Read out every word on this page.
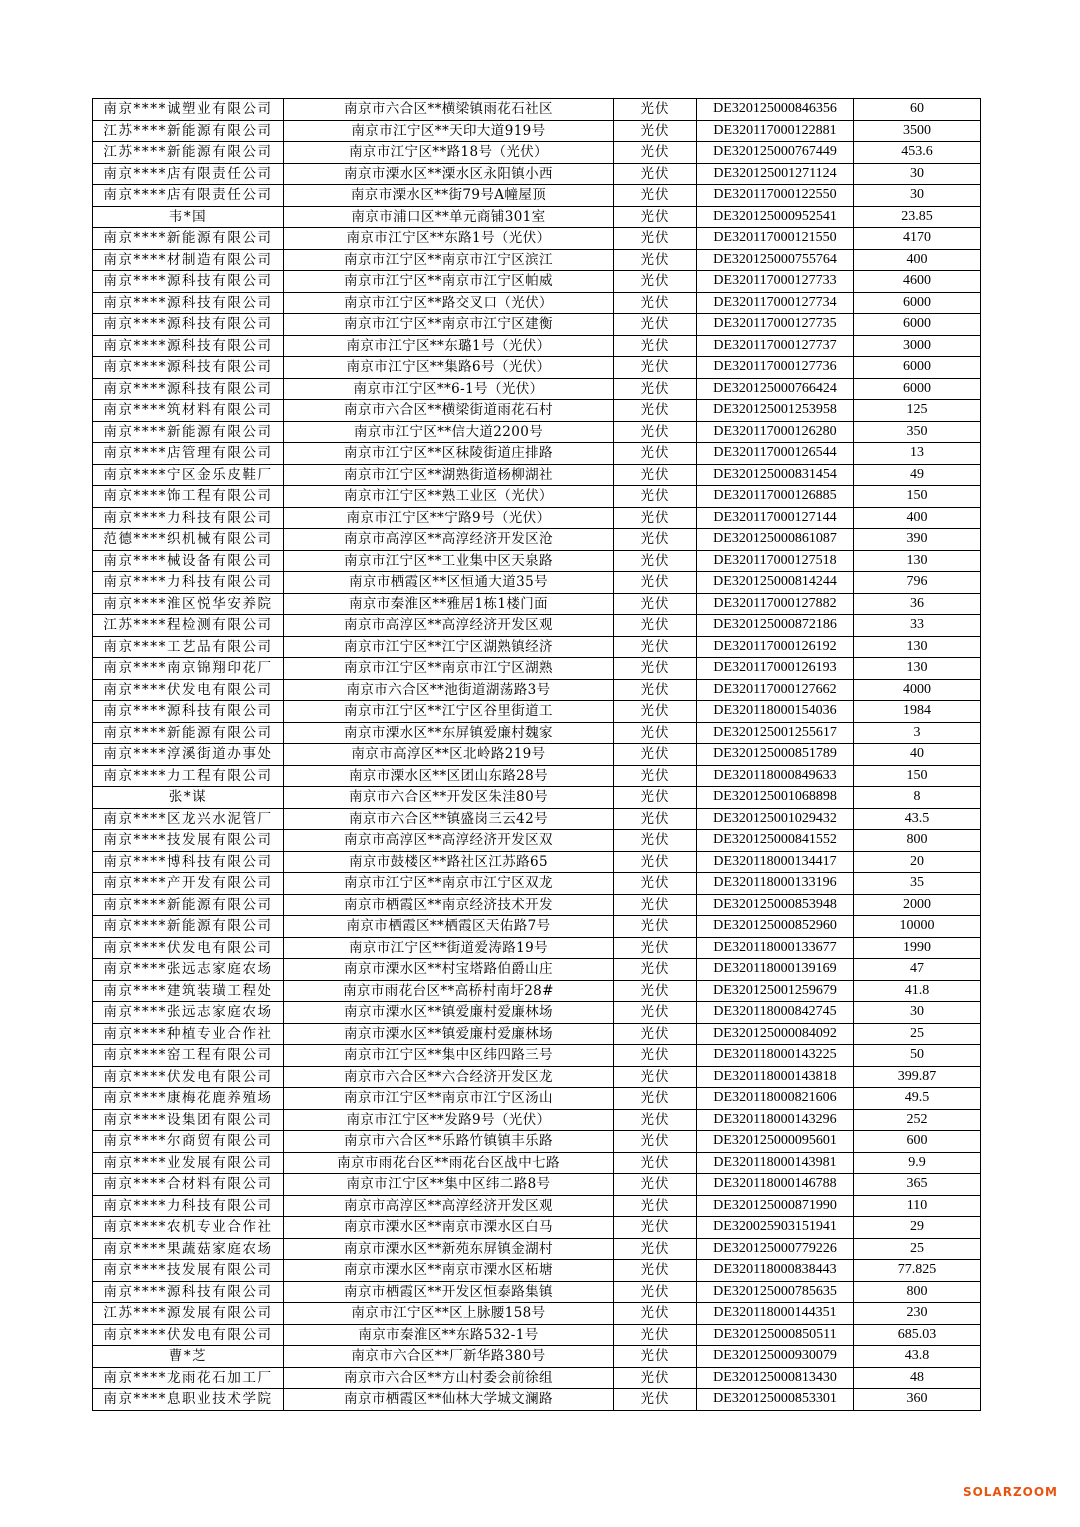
南京****诚塑业有限公司	南京市六合区**横梁镇雨花石社区	光伏	DE320125000846356	60
江苏****新能源有限公司	南京市江宁区**天印大道919号	光伏	DE320117000122881	3500
江苏****新能源有限公司	南京市江宁区**路18号（光伏）	光伏	DE320125000767449	453.6
南京****店有限责任公司	南京市溧水区**溧水区永阳镇小西	光伏	DE320125001271124	30
南京****店有限责任公司	南京市溧水区**街79号A幢屋顶	光伏	DE320117000122550	30
韦*国	南京市浦口区**单元商铺301室	光伏	DE320125000952541	23.85
南京****新能源有限公司	南京市江宁区**东路1号（光伏）	光伏	DE320117000121550	4170
南京****材制造有限公司	南京市江宁区**南京市江宁区滨江	光伏	DE320125000755764	400
南京****源科技有限公司	南京市江宁区**南京市江宁区帕威	光伏	DE320117000127733	4600
南京****源科技有限公司	南京市江宁区**路交叉口（光伏）	光伏	DE320117000127734	6000
南京****源科技有限公司	南京市江宁区**南京市江宁区建衡	光伏	DE320117000127735	6000
南京****源科技有限公司	南京市江宁区**东璐1号（光伏）	光伏	DE320117000127737	3000
南京****源科技有限公司	南京市江宁区**集路6号（光伏）	光伏	DE320117000127736	6000
南京****源科技有限公司	南京市江宁区**6-1号（光伏）	光伏	DE320125000766424	6000
南京****筑材料有限公司	南京市六合区**横梁街道雨花石村	光伏	DE320125001253958	125
南京****新能源有限公司	南京市江宁区**信大道2200号	光伏	DE320117000126280	350
南京****店管理有限公司	南京市江宁区**区秣陵街道庄排路	光伏	DE320117000126544	13
南京****宁区金乐皮鞋厂	南京市江宁区**湖熟街道杨柳湖社	光伏	DE320125000831454	49
南京****饰工程有限公司	南京市江宁区**熟工业区（光伏）	光伏	DE320117000126885	150
南京****力科技有限公司	南京市江宁区**宁路9号（光伏）	光伏	DE320117000127144	400
范德****织机械有限公司	南京市高淳区**高淳经济开发区沧	光伏	DE320125000861087	390
南京****械设备有限公司	南京市江宁区**工业集中区天泉路	光伏	DE320117000127518	130
南京****力科技有限公司	南京市栖霞区**区恒通大道35号	光伏	DE320125000814244	796
南京****淮区悦华安养院	南京市秦淮区**雅居1栋1楼门面	光伏	DE320117000127882	36
江苏****程检测有限公司	南京市高淳区**高淳经济开发区观	光伏	DE320125000872186	33
南京****工艺品有限公司	南京市江宁区**江宁区湖熟镇经济	光伏	DE320117000126192	130
南京****南京锦翔印花厂	南京市江宁区**南京市江宁区湖熟	光伏	DE320117000126193	130
南京****伏发电有限公司	南京市六合区**池街道湖荡路3号	光伏	DE320117000127662	4000
南京****源科技有限公司	南京市江宁区**江宁区谷里街道工	光伏	DE320118000154036	1984
南京****新能源有限公司	南京市溧水区**东屏镇爱廉村魏家	光伏	DE320125001255617	3
南京****淳溪街道办事处	南京市高淳区**区北岭路219号	光伏	DE320125000851789	40
南京****力工程有限公司	南京市溧水区**区团山东路28号	光伏	DE320118000849633	150
张*谋	南京市六合区**开发区朱洼80号	光伏	DE320125001068898	8
南京****区龙兴水泥管厂	南京市六合区**镇盛岗三云42号	光伏	DE320125001029432	43.5
南京****技发展有限公司	南京市高淳区**高淳经济开发区双	光伏	DE320125000841552	800
南京****博科技有限公司	南京市鼓楼区**路社区江苏路65	光伏	DE320118000134417	20
南京****产开发有限公司	南京市江宁区**南京市江宁区双龙	光伏	DE320118000133196	35
南京****新能源有限公司	南京市栖霞区**南京经济技术开发	光伏	DE320125000853948	2000
南京****新能源有限公司	南京市栖霞区**栖霞区天佑路7号	光伏	DE320125000852960	10000
南京****伏发电有限公司	南京市江宁区**街道爱涛路19号	光伏	DE320118000133677	1990
南京****张远志家庭农场	南京市溧水区**村宝塔路伯爵山庄	光伏	DE320118000139169	47
南京****建筑装璜工程处	南京市雨花台区**高桥村南圩28#	光伏	DE320125001259679	41.8
南京****张远志家庭农场	南京市溧水区**镇爱廉村爱廉林场	光伏	DE320118000842745	30
南京****种植专业合作社	南京市溧水区**镇爱廉村爱廉林场	光伏	DE320125000084092	25
南京****窑工程有限公司	南京市江宁区**集中区纬四路三号	光伏	DE320118000143225	50
南京****伏发电有限公司	南京市六合区**六合经济开发区龙	光伏	DE320118000143818	399.87
南京****康梅花鹿养殖场	南京市江宁区**南京市江宁区汤山	光伏	DE320118000821606	49.5
南京****设集团有限公司	南京市江宁区**发路9号（光伏）	光伏	DE320118000143296	252
南京****尔商贸有限公司	南京市六合区**乐路竹镇镇丰乐路	光伏	DE320125000095601	600
南京****业发展有限公司	南京市雨花台区**雨花台区战中七路	光伏	DE320118000143981	9.9
南京****合材料有限公司	南京市江宁区**集中区纬二路8号	光伏	DE320118000146788	365
南京****力科技有限公司	南京市高淳区**高淳经济开发区观	光伏	DE320125000871990	110
南京****农机专业合作社	南京市溧水区**南京市溧水区白马	光伏	DE320025903151941	29
南京****果蔬菇家庭农场	南京市溧水区**新苑东屏镇金湖村	光伏	DE320125000779226	25
南京****技发展有限公司	南京市溧水区**南京市溧水区柘塘	光伏	DE320118000838443	77.825
南京****源科技有限公司	南京市栖霞区**开发区恒泰路集镇	光伏	DE320125000785635	800
江苏****源发展有限公司	南京市江宁区**区上脉腰158号	光伏	DE320118000144351	230
南京****伏发电有限公司	南京市秦淮区**东路532-1号	光伏	DE320125000850511	685.03
曹*芝	南京市六合区**厂新华路380号	光伏	DE320125000930079	43.8
南京****龙雨花石加工厂	南京市六合区**方山村委会前徐组	光伏	DE320125000813430	48
南京****息职业技术学院	南京市栖霞区**仙林大学城文澜路	光伏	DE320125000853301	360
SOLARZOOM
